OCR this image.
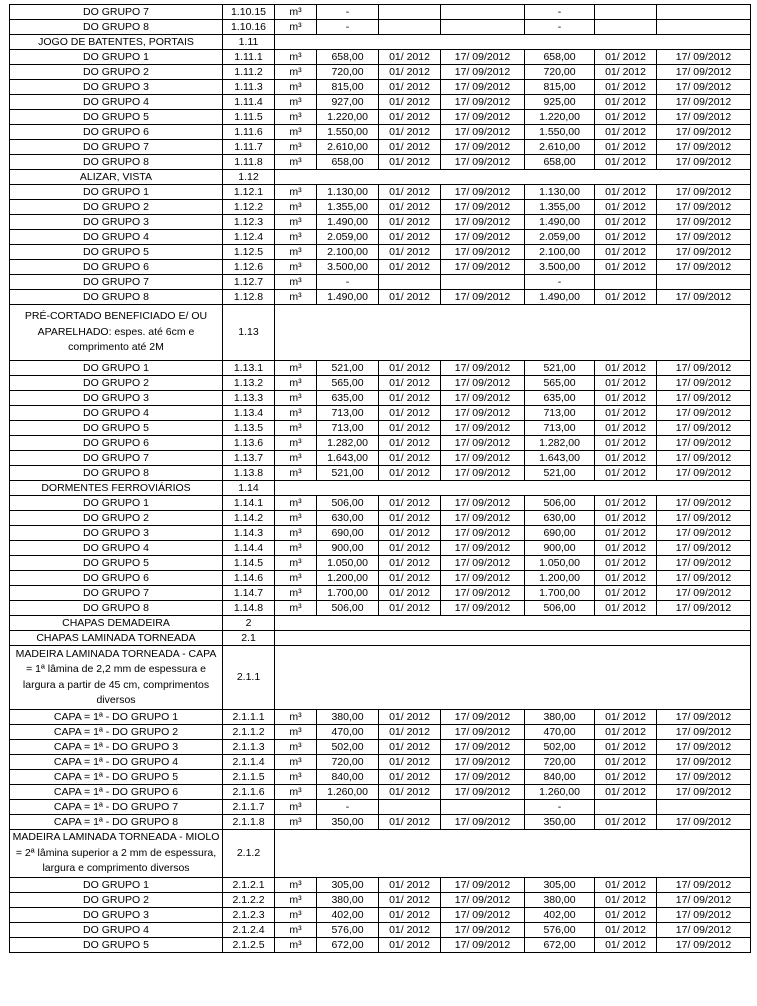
DO GRUPO 7	1.10.15	m³	-			-		
DO GRUPO 8	1.10.16	m³	-			-		
JOGO DE BATENTES, PORTAIS	1.11							
DO GRUPO 1	1.11.1	m³	658,00	01/ 2012	17/ 09/2012	658,00	01/ 2012	17/ 09/2012
DO GRUPO 2	1.11.2	m³	720,00	01/ 2012	17/ 09/2012	720,00	01/ 2012	17/ 09/2012
DO GRUPO 3	1.11.3	m³	815,00	01/ 2012	17/ 09/2012	815,00	01/ 2012	17/ 09/2012
DO GRUPO 4	1.11.4	m³	927,00	01/ 2012	17/ 09/2012	925,00	01/ 2012	17/ 09/2012
DO GRUPO 5	1.11.5	m³	1.220,00	01/ 2012	17/ 09/2012	1.220,00	01/ 2012	17/ 09/2012
DO GRUPO 6	1.11.6	m³	1.550,00	01/ 2012	17/ 09/2012	1.550,00	01/ 2012	17/ 09/2012
DO GRUPO 7	1.11.7	m³	2.610,00	01/ 2012	17/ 09/2012	2.610,00	01/ 2012	17/ 09/2012
DO GRUPO 8	1.11.8	m³	658,00	01/ 2012	17/ 09/2012	658,00	01/ 2012	17/ 09/2012
ALIZAR, VISTA	1.12							
DO GRUPO 1	1.12.1	m³	1.130,00	01/ 2012	17/ 09/2012	1.130,00	01/ 2012	17/ 09/2012
DO GRUPO 2	1.12.2	m³	1.355,00	01/ 2012	17/ 09/2012	1.355,00	01/ 2012	17/ 09/2012
DO GRUPO 3	1.12.3	m³	1.490,00	01/ 2012	17/ 09/2012	1.490,00	01/ 2012	17/ 09/2012
DO GRUPO 4	1.12.4	m³	2.059,00	01/ 2012	17/ 09/2012	2.059,00	01/ 2012	17/ 09/2012
DO GRUPO 5	1.12.5	m³	2.100,00	01/ 2012	17/ 09/2012	2.100,00	01/ 2012	17/ 09/2012
DO GRUPO 6	1.12.6	m³	3.500,00	01/ 2012	17/ 09/2012	3.500,00	01/ 2012	17/ 09/2012
DO GRUPO 7	1.12.7	m³	-			-		
DO GRUPO 8	1.12.8	m³	1.490,00	01/ 2012	17/ 09/2012	1.490,00	01/ 2012	17/ 09/2012
PRÉ-CORTADO BENEFICIADO E/ OU APARELHADO: espes. até 6cm e comprimento até 2M	1.13							
DO GRUPO 1	1.13.1	m³	521,00	01/ 2012	17/ 09/2012	521,00	01/ 2012	17/ 09/2012
DO GRUPO 2	1.13.2	m³	565,00	01/ 2012	17/ 09/2012	565,00	01/ 2012	17/ 09/2012
DO GRUPO 3	1.13.3	m³	635,00	01/ 2012	17/ 09/2012	635,00	01/ 2012	17/ 09/2012
DO GRUPO 4	1.13.4	m³	713,00	01/ 2012	17/ 09/2012	713,00	01/ 2012	17/ 09/2012
DO GRUPO 5	1.13.5	m³	713,00	01/ 2012	17/ 09/2012	713,00	01/ 2012	17/ 09/2012
DO GRUPO 6	1.13.6	m³	1.282,00	01/ 2012	17/ 09/2012	1.282,00	01/ 2012	17/ 09/2012
DO GRUPO 7	1.13.7	m³	1.643,00	01/ 2012	17/ 09/2012	1.643,00	01/ 2012	17/ 09/2012
DO GRUPO 8	1.13.8	m³	521,00	01/ 2012	17/ 09/2012	521,00	01/ 2012	17/ 09/2012
DORMENTES FERROVIÁRIOS	1.14							
DO GRUPO 1	1.14.1	m³	506,00	01/ 2012	17/ 09/2012	506,00	01/ 2012	17/ 09/2012
DO GRUPO 2	1.14.2	m³	630,00	01/ 2012	17/ 09/2012	630,00	01/ 2012	17/ 09/2012
DO GRUPO 3	1.14.3	m³	690,00	01/ 2012	17/ 09/2012	690,00	01/ 2012	17/ 09/2012
DO GRUPO 4	1.14.4	m³	900,00	01/ 2012	17/ 09/2012	900,00	01/ 2012	17/ 09/2012
DO GRUPO 5	1.14.5	m³	1.050,00	01/ 2012	17/ 09/2012	1.050,00	01/ 2012	17/ 09/2012
DO GRUPO 6	1.14.6	m³	1.200,00	01/ 2012	17/ 09/2012	1.200,00	01/ 2012	17/ 09/2012
DO GRUPO 7	1.14.7	m³	1.700,00	01/ 2012	17/ 09/2012	1.700,00	01/ 2012	17/ 09/2012
DO GRUPO 8	1.14.8	m³	506,00	01/ 2012	17/ 09/2012	506,00	01/ 2012	17/ 09/2012
CHAPAS DEMADEIRA	2							
CHAPAS LAMINADA TORNEADA	2.1							
MADEIRA LAMINADA TORNEADA - CAPA = 1ª lâmina de 2,2 mm de espessura e largura a partir de 45 cm, comprimentos diversos	2.1.1							
CAPA = 1ª - DO GRUPO 1	2.1.1.1	m³	380,00	01/ 2012	17/ 09/2012	380,00	01/ 2012	17/ 09/2012
CAPA = 1ª - DO GRUPO 2	2.1.1.2	m³	470,00	01/ 2012	17/ 09/2012	470,00	01/ 2012	17/ 09/2012
CAPA = 1ª - DO GRUPO 3	2.1.1.3	m³	502,00	01/ 2012	17/ 09/2012	502,00	01/ 2012	17/ 09/2012
CAPA = 1ª - DO GRUPO 4	2.1.1.4	m³	720,00	01/ 2012	17/ 09/2012	720,00	01/ 2012	17/ 09/2012
CAPA = 1ª - DO GRUPO 5	2.1.1.5	m³	840,00	01/ 2012	17/ 09/2012	840,00	01/ 2012	17/ 09/2012
CAPA = 1ª - DO GRUPO 6	2.1.1.6	m³	1.260,00	01/ 2012	17/ 09/2012	1.260,00	01/ 2012	17/ 09/2012
CAPA = 1ª - DO GRUPO 7	2.1.1.7	m³	-			-		
CAPA = 1ª - DO GRUPO 8	2.1.1.8	m³	350,00	01/ 2012	17/ 09/2012	350,00	01/ 2012	17/ 09/2012
MADEIRA LAMINADA TORNEADA - MIOLO = 2ª lâmina superior a 2 mm de espessura, largura e comprimento diversos	2.1.2							
DO GRUPO 1	2.1.2.1	m³	305,00	01/ 2012	17/ 09/2012	305,00	01/ 2012	17/ 09/2012
DO GRUPO 2	2.1.2.2	m³	380,00	01/ 2012	17/ 09/2012	380,00	01/ 2012	17/ 09/2012
DO GRUPO 3	2.1.2.3	m³	402,00	01/ 2012	17/ 09/2012	402,00	01/ 2012	17/ 09/2012
DO GRUPO 4	2.1.2.4	m³	576,00	01/ 2012	17/ 09/2012	576,00	01/ 2012	17/ 09/2012
DO GRUPO 5	2.1.2.5	m³	672,00	01/ 2012	17/ 09/2012	672,00	01/ 2012	17/ 09/2012
